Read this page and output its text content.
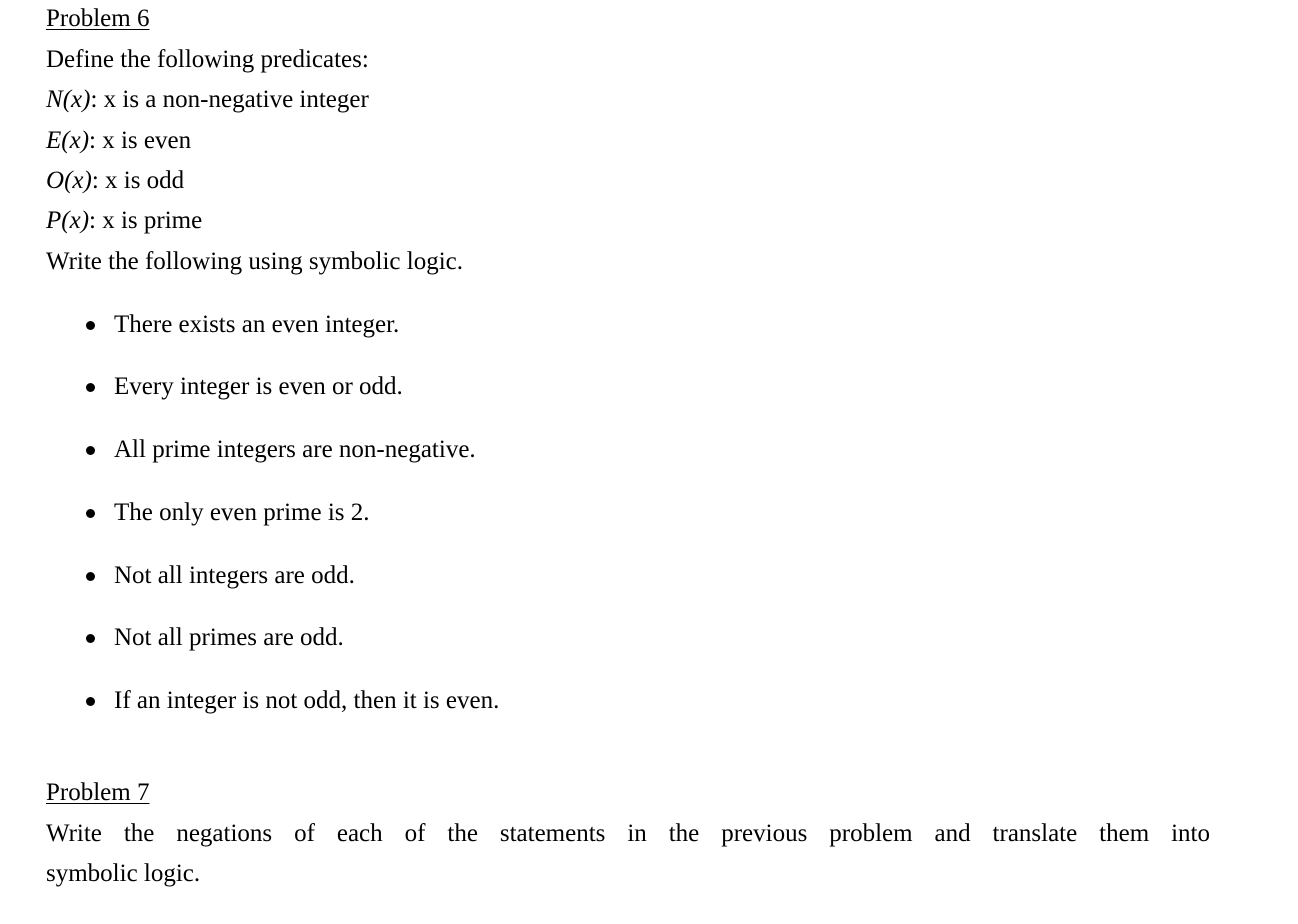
Problem 6
Define the following predicates:
N(x): x is a non-negative integer
E(x): x is even
O(x): x is odd
P(x): x is prime
Write the following using symbolic logic.
There exists an even integer.
Every integer is even or odd.
All prime integers are non-negative.
The only even prime is 2.
Not all integers are odd.
Not all primes are odd.
If an integer is not odd, then it is even.
Problem 7
Write the negations of each of the statements in the previous problem and translate them into
symbolic logic.
